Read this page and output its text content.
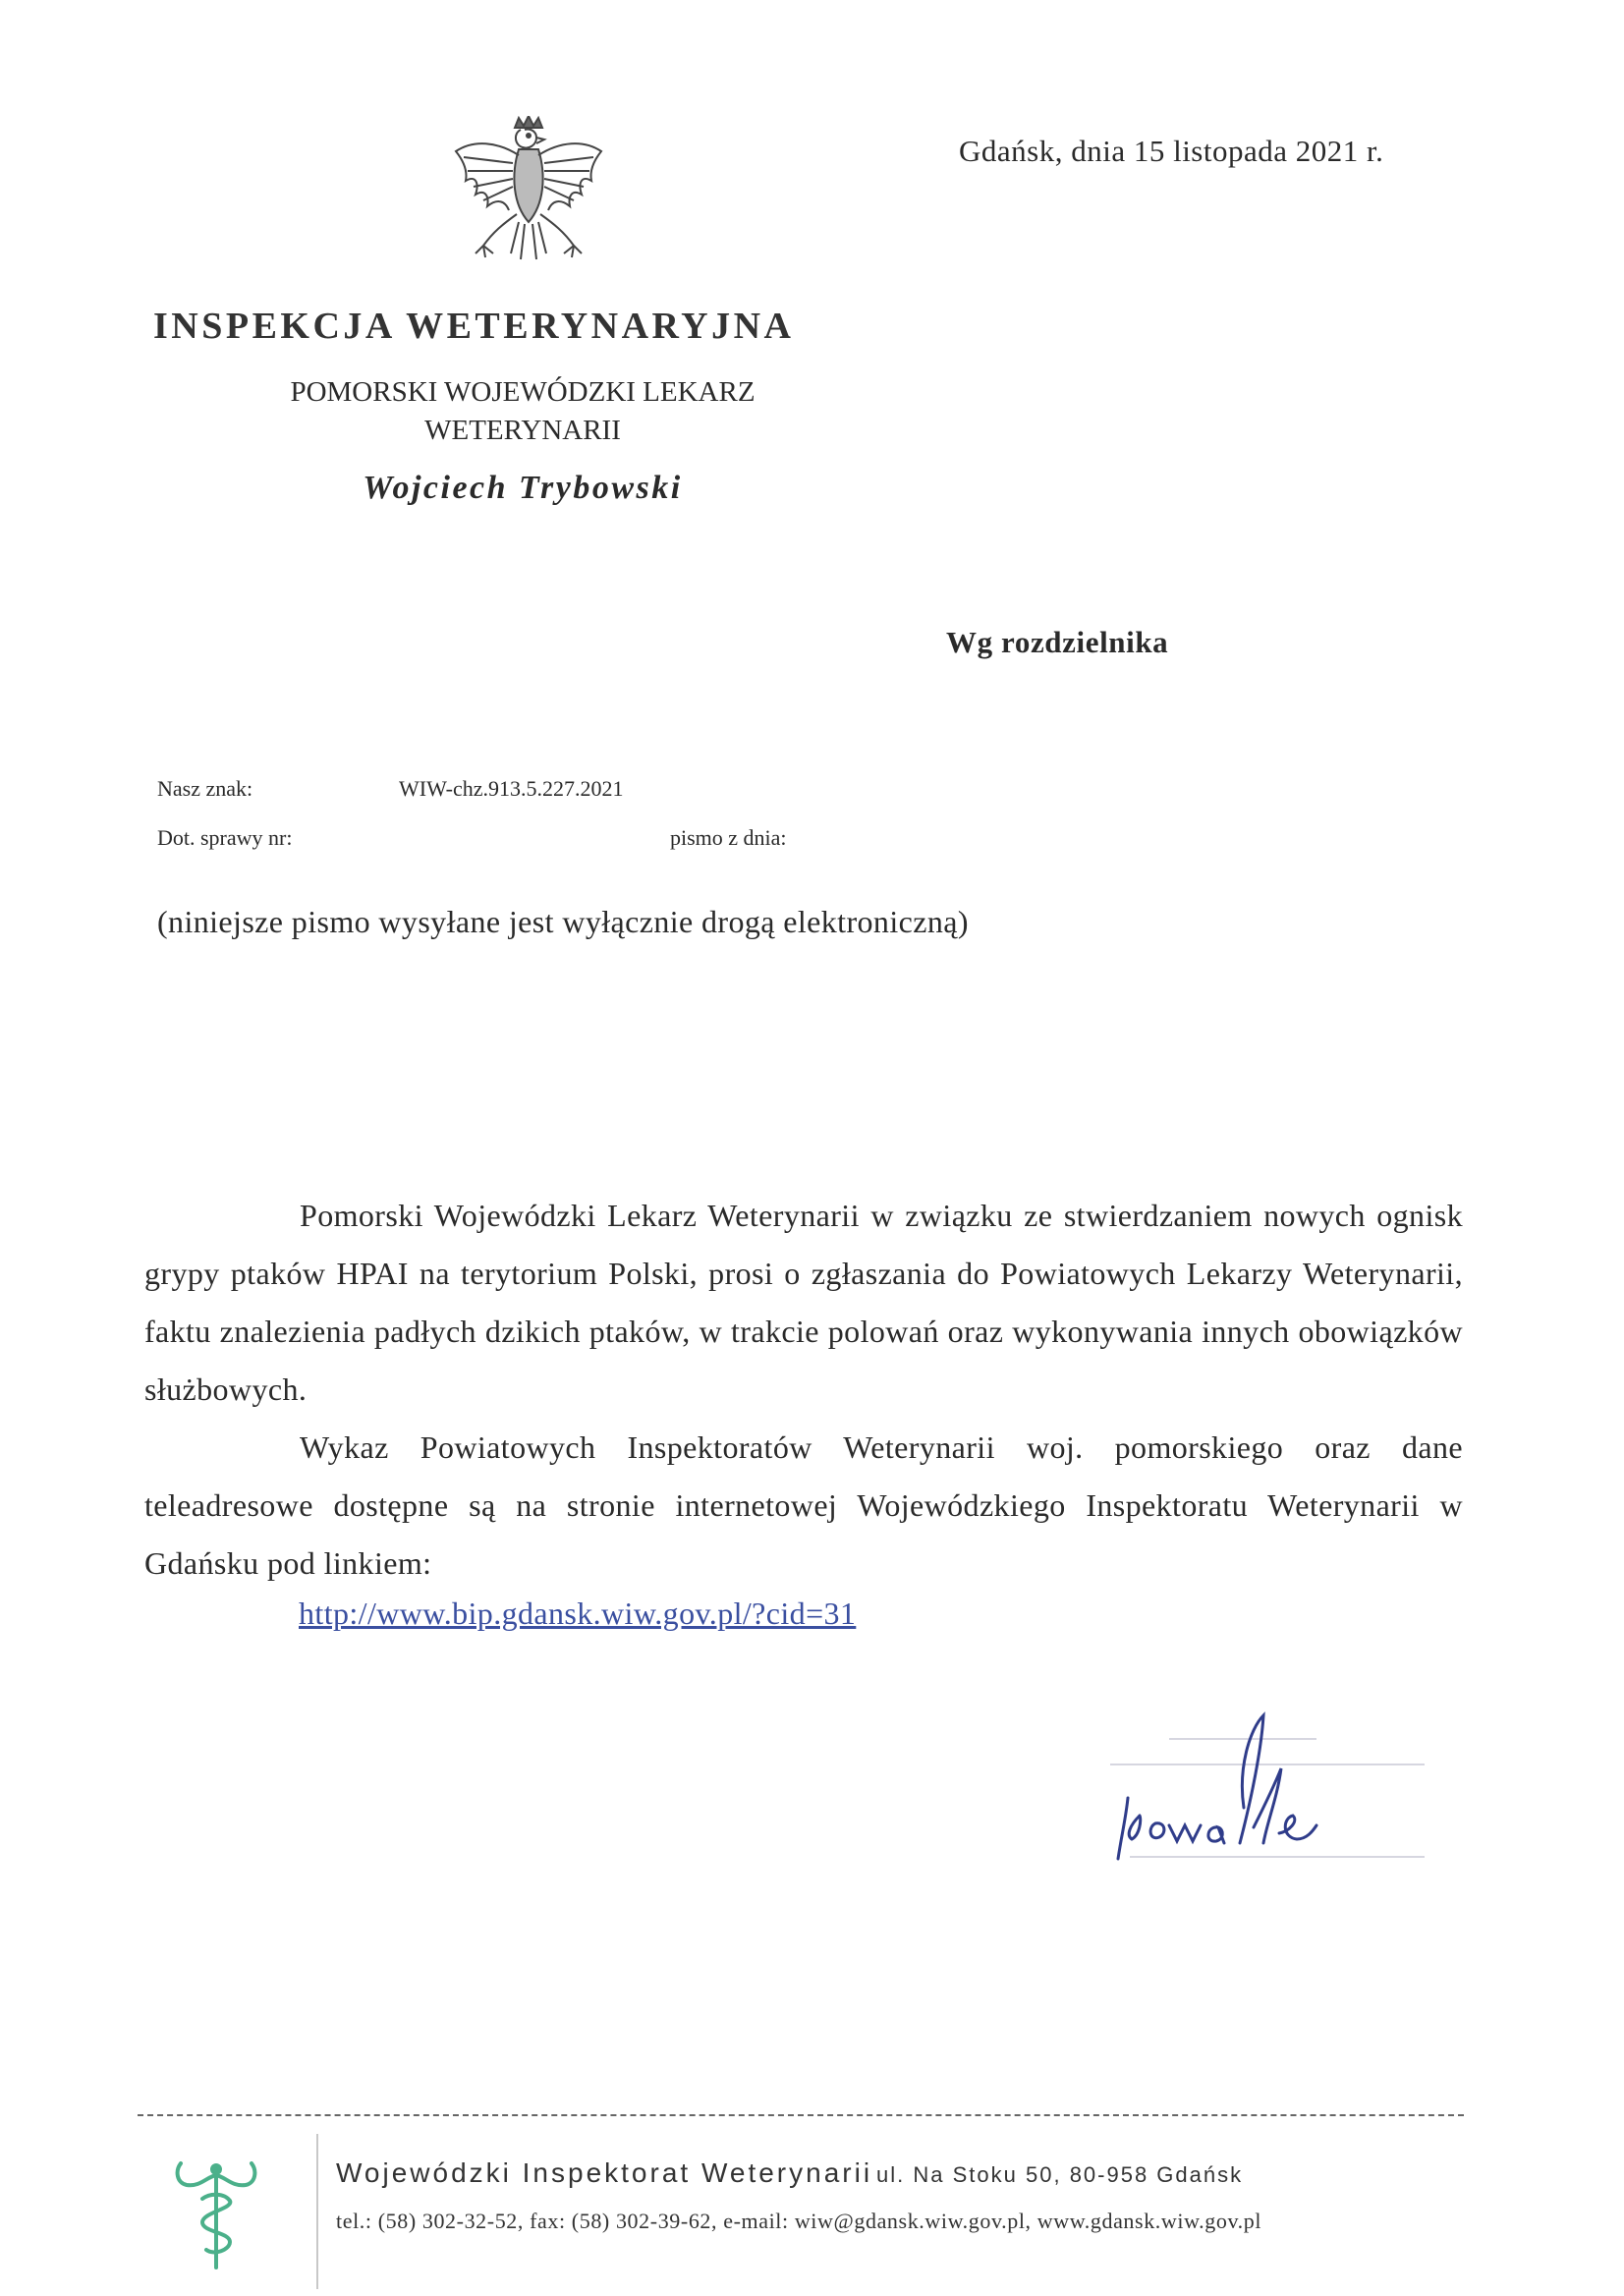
Gdańsk, dnia 15 listopada 2021 r.
INSPEKCJA WETERYNARYJNA
POMORSKI WOJEWÓDZKI LEKARZ
WETERYNARII
Wojciech Trybowski
Wg rozdzielnika
Nasz znak:	WIW-chz.913.5.227.2021
Dot. sprawy nr:	pismo z dnia:
(niniejsze pismo wysyłane jest wyłącznie drogą elektroniczną)

Pomorski Wojewódzki Lekarz Weterynarii w związku ze stwierdzaniem nowych ognisk grypy ptaków HPAI na terytorium Polski, prosi o zgłaszania do Powiatowych Lekarzy Weterynarii, faktu znalezienia padłych dzikich ptaków, w trakcie polowań oraz wykonywania innych obowiązków służbowych.

Wykaz Powiatowych Inspektoratów Weterynarii woj. pomorskiego oraz dane teleadresowe dostępne są na stronie internetowej Wojewódzkiego Inspektoratu Weterynarii w Gdańsku pod linkiem:

http://www.bip.gdansk.wiw.gov.pl/?cid=31
Wojewódzki Inspektorat Weterynarii ul. Na Stoku 50, 80-958 Gdańsk
tel.: (58) 302-32-52, fax: (58) 302-39-62, e-mail: wiw@gdansk.wiw.gov.pl, www.gdansk.wiw.gov.pl
